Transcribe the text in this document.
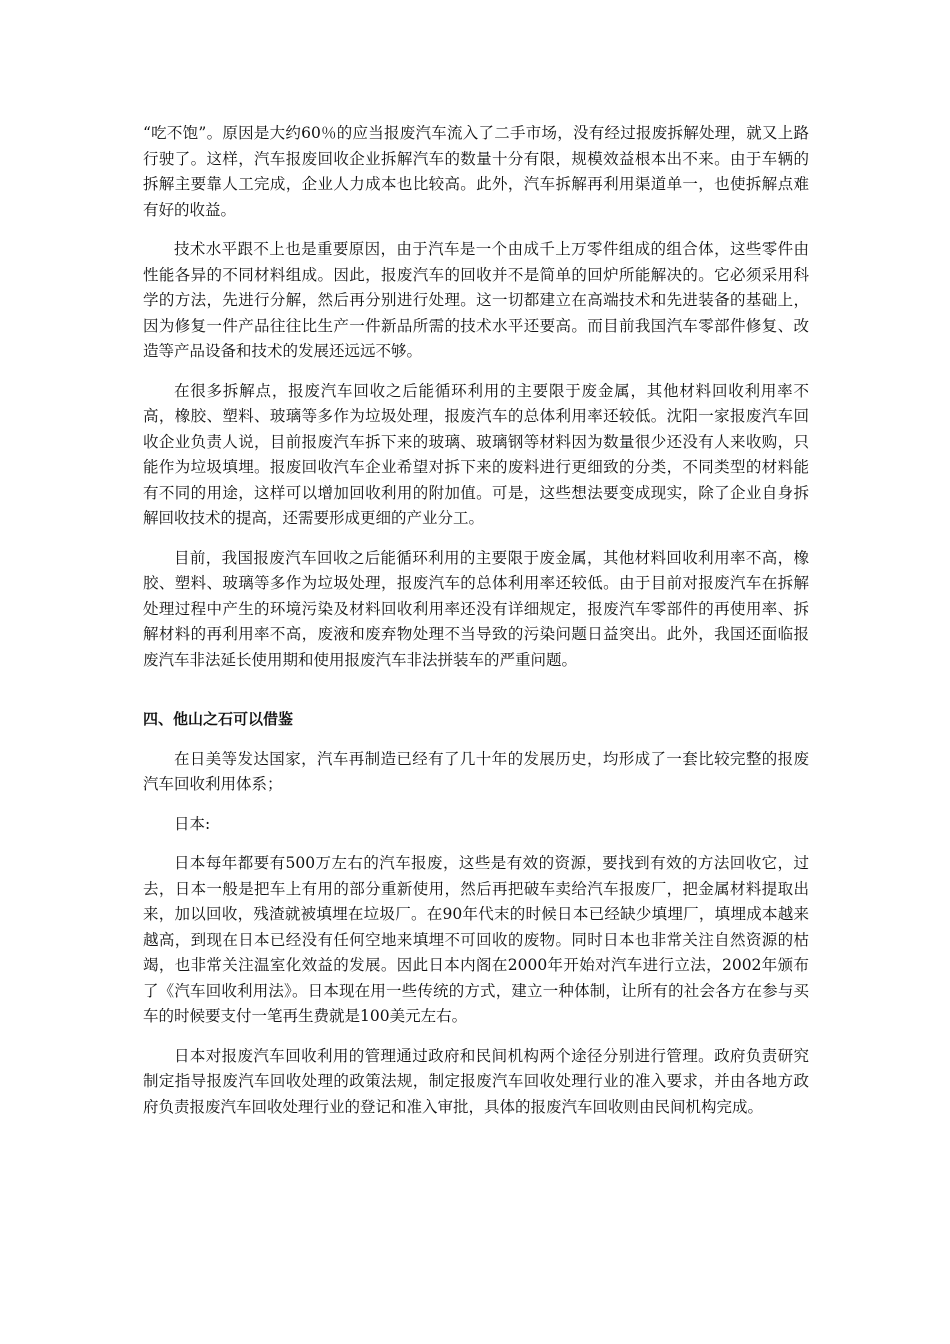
“吃不饱”。原因是大约60％的应当报废汽车流入了二手市场，没有经过报废拆解处理，就又上路行驶了。这样，汽车报废回收企业拆解汽车的数量十分有限，规模效益根本出不来。由于车辆的拆解主要靠人工完成，企业人力成本也比较高。此外，汽车拆解再利用渠道单一，也使拆解点难有好的收益。

技术水平跟不上也是重要原因，由于汽车是一个由成千上万零件组成的组合体，这些零件由性能各异的不同材料组成。因此，报废汽车的回收并不是简单的回炉所能解决的。它必须采用科学的方法，先进行分解，然后再分别进行处理。这一切都建立在高端技术和先进装备的基础上，因为修复一件产品往往比生产一件新品所需的技术水平还要高。而目前我国汽车零部件修复、改造等产品设备和技术的发展还远远不够。

在很多拆解点，报废汽车回收之后能循环利用的主要限于废金属，其他材料回收利用率不高，橡胶、塑料、玻璃等多作为垃圾处理，报废汽车的总体利用率还较低。沈阳一家报废汽车回收企业负责人说，目前报废汽车拆下来的玻璃、玻璃钢等材料因为数量很少还没有人来收购，只能作为垃圾填埋。报废回收汽车企业希望对拆下来的废料进行更细致的分类，不同类型的材料能有不同的用途，这样可以增加回收利用的附加值。可是，这些想法要变成现实，除了企业自身拆解回收技术的提高，还需要形成更细的产业分工。

目前，我国报废汽车回收之后能循环利用的主要限于废金属，其他材料回收利用率不高，橡胶、塑料、玻璃等多作为垃圾处理，报废汽车的总体利用率还较低。由于目前对报废汽车在拆解处理过程中产生的环境污染及材料回收利用率还没有详细规定，报废汽车零部件的再使用率、拆解材料的再利用率不高，废液和废弃物处理不当导致的污染问题日益突出。此外，我国还面临报废汽车非法延长使用期和使用报废汽车非法拼装车的严重问题。

四、他山之石可以借鉴

在日美等发达国家，汽车再制造已经有了几十年的发展历史，均形成了一套比较完整的报废汽车回收利用体系；

日本:

日本每年都要有500万左右的汽车报废，这些是有效的资源，要找到有效的方法回收它，过去，日本一般是把车上有用的部分重新使用，然后再把破车卖给汽车报废厂，把金属材料提取出来，加以回收，残渣就被填埋在垃圾厂。在90年代末的时候日本已经缺少填埋厂，填埋成本越来越高，到现在日本已经没有任何空地来填埋不可回收的废物。同时日本也非常关注自然资源的枯竭，也非常关注温室化效益的发展。因此日本内阁在2000年开始对汽车进行立法，2002年颁布了《汽车回收利用法》。日本现在用一些传统的方式，建立一种体制，让所有的社会各方在参与买车的时候要支付一笔再生费就是100美元左右。

日本对报废汽车回收利用的管理通过政府和民间机构两个途径分别进行管理。政府负责研究制定指导报废汽车回收处理的政策法规，制定报废汽车回收处理行业的准入要求，并由各地方政府负责报废汽车回收处理行业的登记和准入审批，具体的报废汽车回收则由民间机构完成。
